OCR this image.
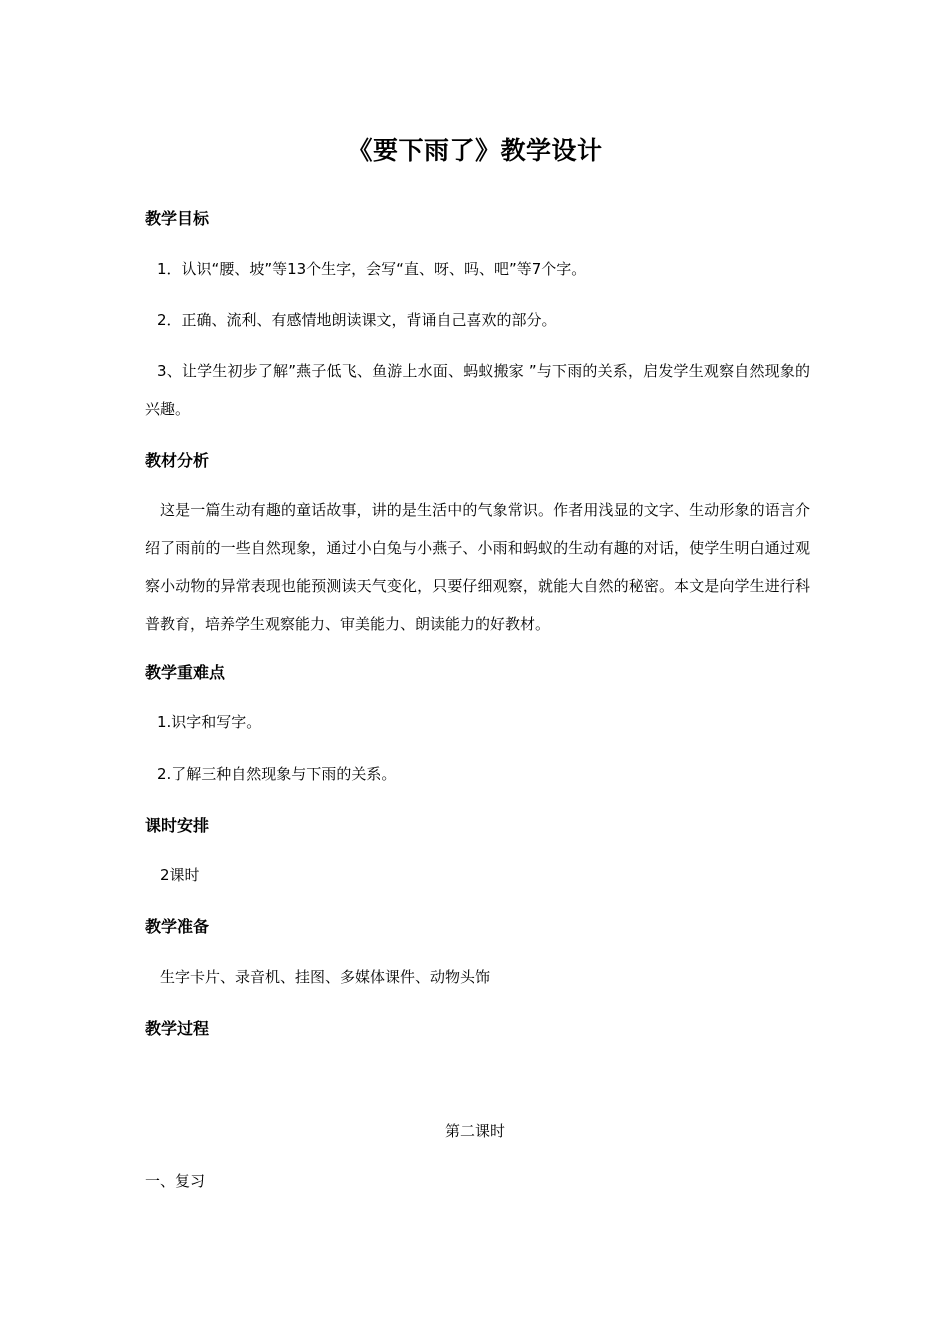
《要下雨了》教学设计
教学目标
1．认识“腰、坡”等13个生字，会写“直、呀、吗、吧”等7个字。
2．正确、流利、有感情地朗读课文，背诵自己喜欢的部分。
3、让学生初步了解”燕子低飞、鱼游上水面、蚂蚁搬家 ”与下雨的关系，启发学生观察自然现象的兴趣。
教材分析
这是一篇生动有趣的童话故事，讲的是生活中的气象常识。作者用浅显的文字、生动形象的语言介绍了雨前的一些自然现象，通过小白兔与小燕子、小雨和蚂蚁的生动有趣的对话，使学生明白通过观察小动物的异常表现也能预测读天气变化，只要仔细观察，就能大自然的秘密。本文是向学生进行科普教育，培养学生观察能力、审美能力、朗读能力的好教材。
教学重难点
1.识字和写字。
2.了解三种自然现象与下雨的关系。
课时安排
2课时
教学准备
生字卡片、录音机、挂图、多媒体课件、动物头饰
教学过程
第二课时
一、复习
